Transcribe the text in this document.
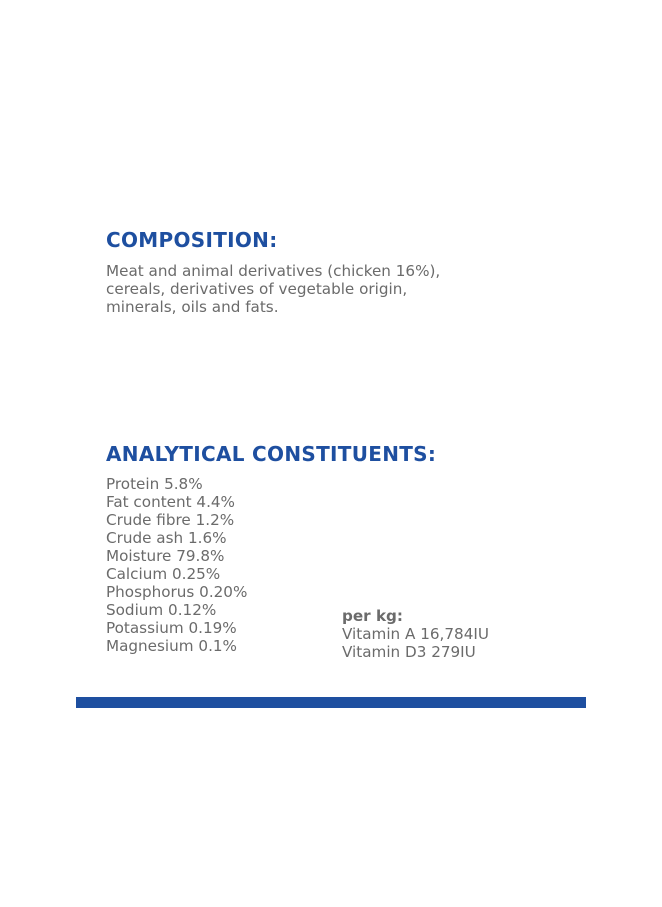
COMPOSITION:
Meat and animal derivatives (chicken 16%),
cereals, derivatives of vegetable origin,
minerals, oils and fats.
ANALYTICAL CONSTITUENTS:
Protein 5.8%
Fat content 4.4%
Crude fibre 1.2%
Crude ash 1.6%
Moisture 79.8%
Calcium 0.25%
Phosphorus 0.20%
Sodium 0.12%
Potassium 0.19%
Magnesium 0.1%
per kg:
Vitamin A 16,784IU
Vitamin D3 279IU
